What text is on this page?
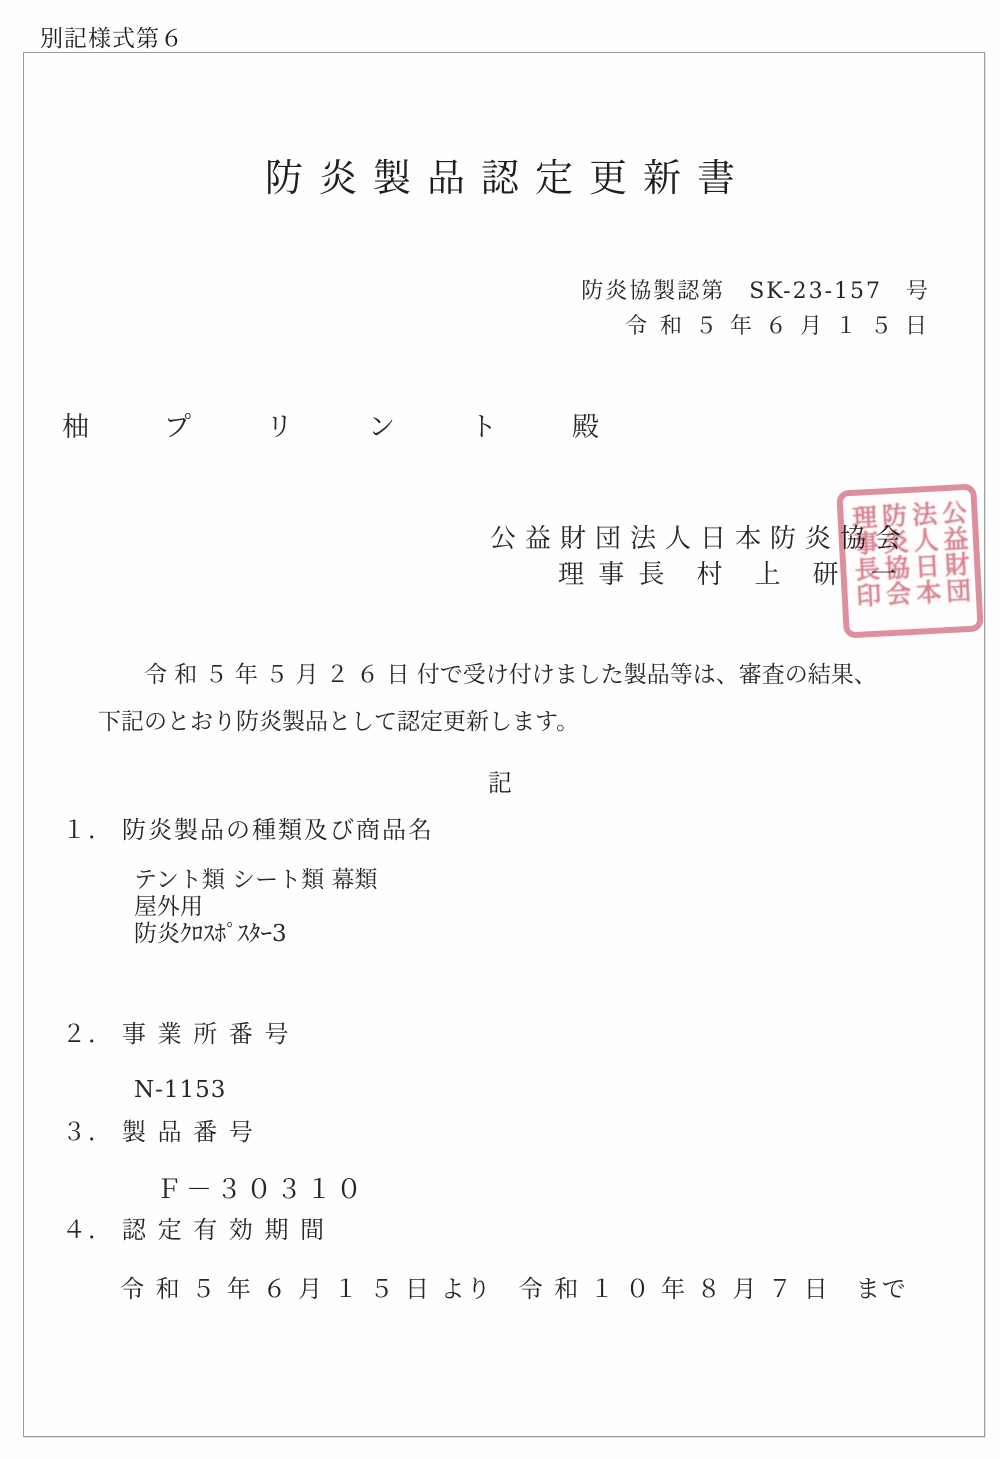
別記様式第６
防炎製品認定更新書
防炎協製認第　SK-23-157　号
令 和 ５ 年 ６ 月 １ ５ 日
柚　プ　リ　ン　ト　殿
公益財団法人日本防炎協会
理 事 長　村　上　研　一	公益財団法人日本防炎協会理事長印

令 和 ５ 年 ５ 月 ２ ６ 日 付で受け付けました製品等は、審査の結果、
下記のとおり防炎製品として認定更新します。

記
１． 防炎製品の種類及び商品名
テント類 シート類 幕類
屋外用
防炎ｸﾛｽﾎﾟｽﾀｰ3
２． 事 業 所 番 号
N-1153
３． 製 品 番 号
Ｆ－３０３１０
４． 認 定 有 効 期 間
令 和 ５ 年 ６ 月 １ ５ 日 より　令 和 １ ０ 年 ８ 月 ７ 日　まで
